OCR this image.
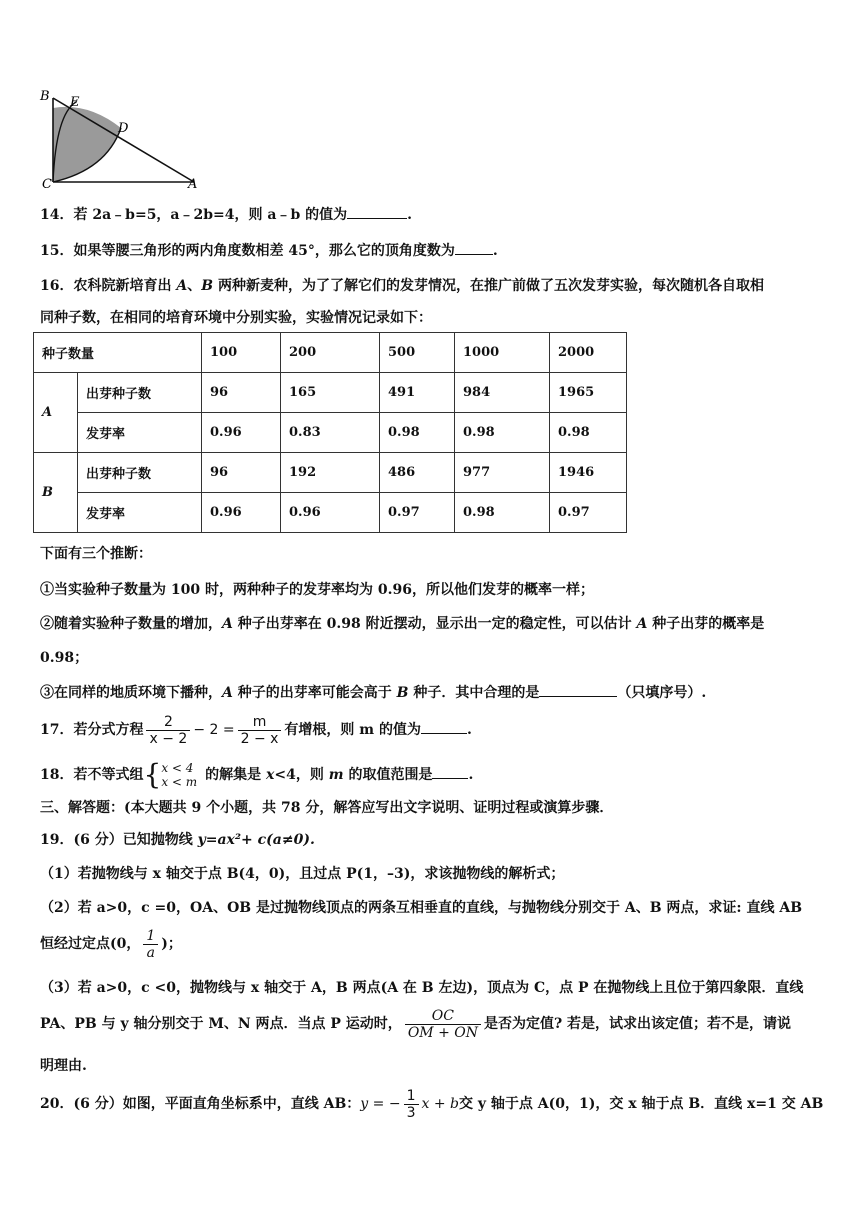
B E
D
C	A
14．若 2a﹣b=5，a﹣2b=4，则 a﹣b 的值为	.
15．如果等腰三角形的两内角度数相差 45°，那么它的顶角度数为	.
16．农科院新培育出 A、B 两种新麦种，为了了解它们的发芽情况，在推广前做了五次发芽实验，每次随机各自取相
同种子数，在相同的培育环境中分别实验，实验情况记录如下：
种子数量		100	200	500	1000	2000
A	出芽种子数	96	165	491	984	1965
	发芽率	0.96	0.83	0.98	0.98	0.98
B	出芽种子数	96	192	486	977	1946
	发芽率	0.96	0.96	0.97	0.98	0.97
下面有三个推断：
①当实验种子数量为 100 时，两种种子的发芽率均为 0.96，所以他们发芽的概率一样；
②随着实验种子数量的增加，A 种子出芽率在 0.98 附近摆动，显示出一定的稳定性，可以估计 A 种子出芽的概率是
0.98；
③在同样的地质环境下播种，A 种子的出芽率可能会高于 B 种子．其中合理的是	（只填序号）.
17．若分式方程 $\frac{2}{x - 2} - 2 = \frac{m}{2 - x}$ 有增根，则 m 的值为	.
18．若不等式组{ x < 4
x < m 的解集是 x<4，则 m 的取值范围是	.
三、解答题：(本大题共 9 个小题，共 78 分，解答应写出文字说明、证明过程或演算步骤．
19．(6 分）已知抛物线 y=ax²+ c(a≠0).
（1）若抛物线与 x 轴交于点 B(4，0)，且过点 P(1，–3)，求该抛物线的解析式；
（2）若 a>0，c =0，OA、OB 是过抛物线顶点的两条互相垂直的直线，与抛物线分别交于 A、B 两点，求证: 直线 AB
恒经过定点(0， $\frac{1}{a}$ )；
（3）若 a>0，c <0，抛物线与 x 轴交于 A，B 两点(A 在 B 左边)，顶点为 C，点 P 在抛物线上且位于第四象限．直线
PA、PB 与 y 轴分别交于 M、N 两点．当点 P 运动时， $\frac{OC}{OM + ON}$ 是否为定值? 若是，试求出该定值；若不是，请说
明理由.
20．(6 分）如图，平面直角坐标系中，直线 AB：y = − $\frac{1}{3}$ x + b交 y 轴于点 A(0，1)，交 x 轴于点 B．直线 x=1 交 AB
